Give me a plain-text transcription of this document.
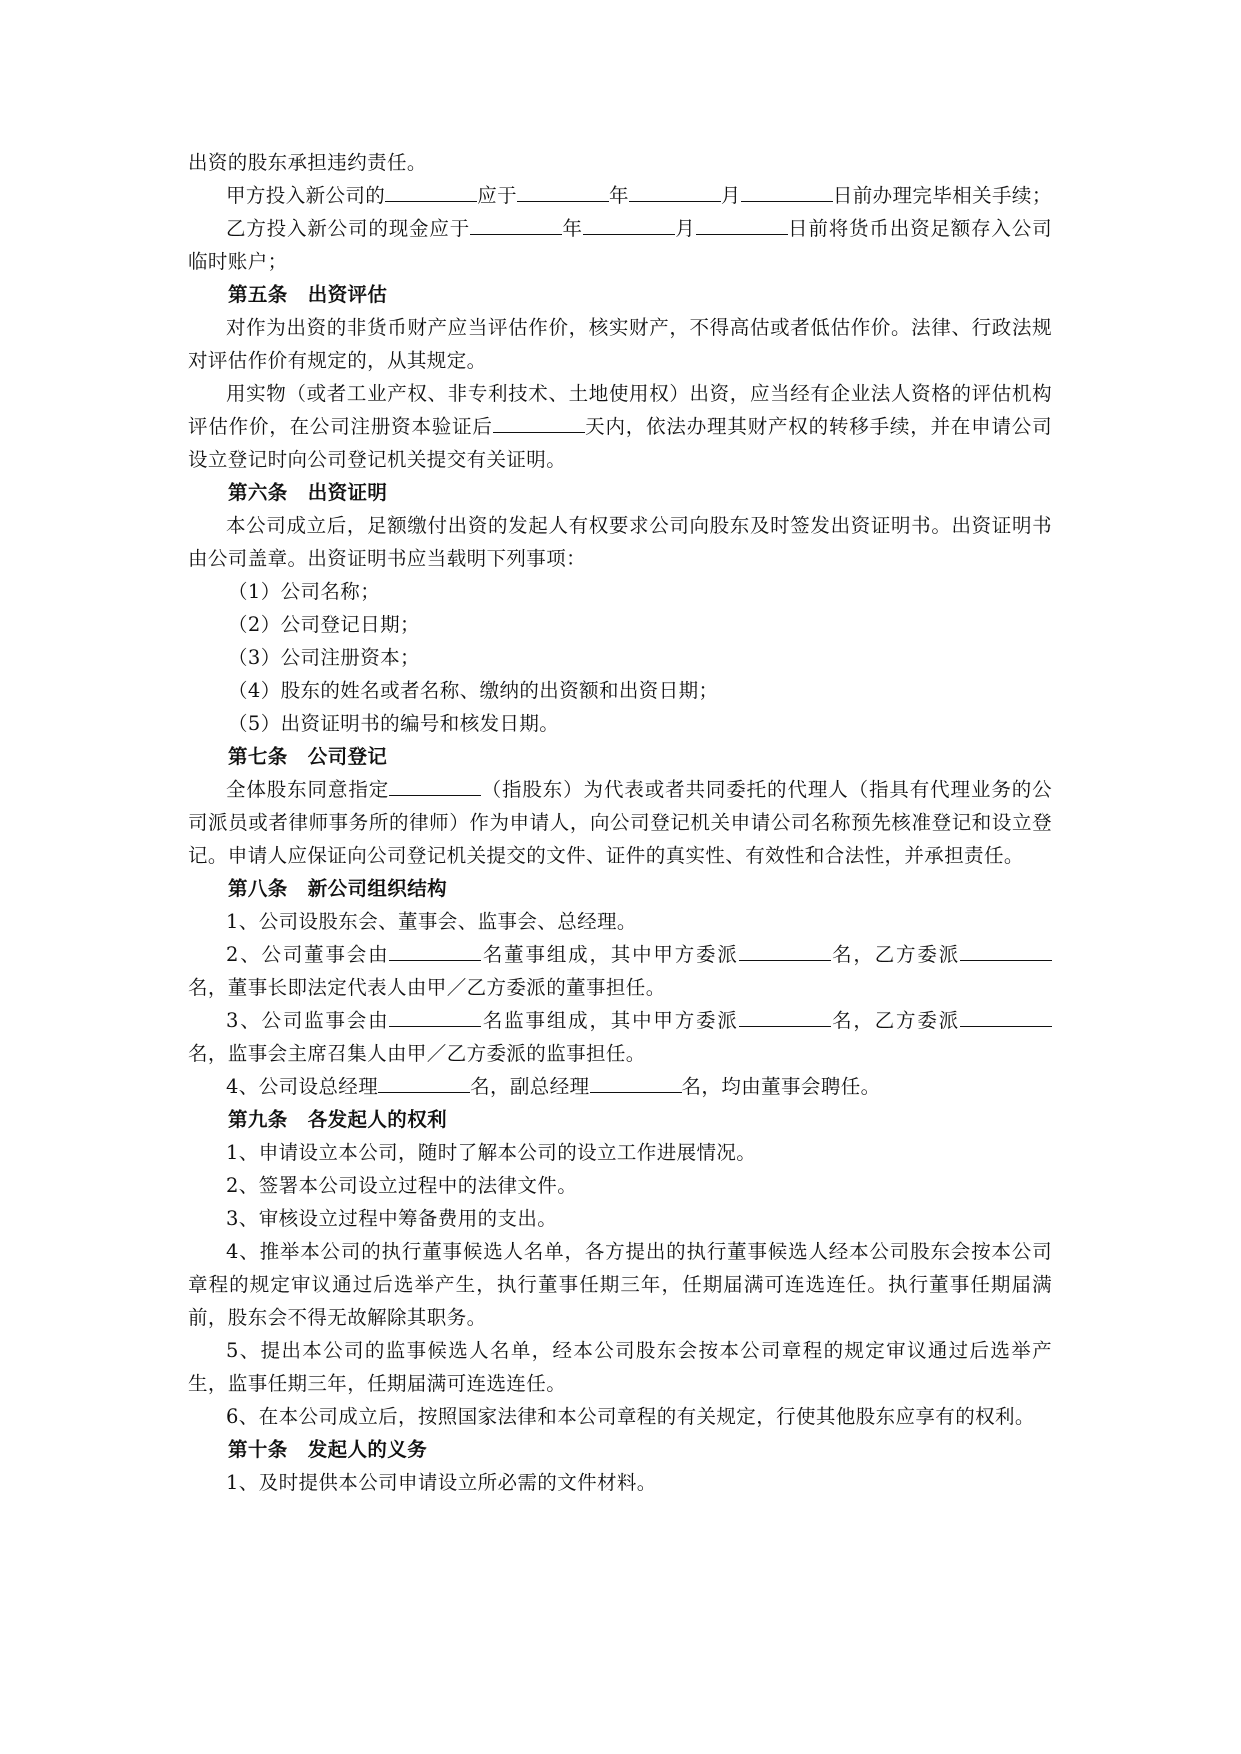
出资的股东承担违约责任。

甲方投入新公司的	应于	年	月	日前办理完毕相关手续；

乙方投入新公司的现金应于	年	月	日前将货币出资足额存入公司临时账户；

第五条 出资评估

对作为出资的非货币财产应当评估作价，核实财产，不得高估或者低估作价。法律、行政法规对评估作价有规定的，从其规定。

用实物（或者工业产权、非专利技术、土地使用权）出资，应当经有企业法人资格的评估机构评估作价，在公司注册资本验证后	天内，依法办理其财产权的转移手续，并在申请公司设立登记时向公司登记机关提交有关证明。

第六条 出资证明

本公司成立后，足额缴付出资的发起人有权要求公司向股东及时签发出资证明书。出资证明书由公司盖章。出资证明书应当载明下列事项：

（1）公司名称；

（2）公司登记日期；

（3）公司注册资本；

（4）股东的姓名或者名称、缴纳的出资额和出资日期；

（5）出资证明书的编号和核发日期。

第七条 公司登记

全体股东同意指定	（指股东）为代表或者共同委托的代理人（指具有代理业务的公司派员或者律师事务所的律师）作为申请人，向公司登记机关申请公司名称预先核准登记和设立登记。申请人应保证向公司登记机关提交的文件、证件的真实性、有效性和合法性，并承担责任。

第八条 新公司组织结构

1、公司设股东会、董事会、监事会、总经理。

2、公司董事会由	名董事组成，其中甲方委派	名，乙方委派名，董事长即法定代表人由甲／乙方委派的董事担任。

3、公司监事会由	名监事组成，其中甲方委派	名，乙方委派名，监事会主席召集人由甲／乙方委派的监事担任。

4、公司设总经理	名，副总经理	名，均由董事会聘任。

第九条 各发起人的权利

1、申请设立本公司，随时了解本公司的设立工作进展情况。

2、签署本公司设立过程中的法律文件。

3、审核设立过程中筹备费用的支出。

4、推举本公司的执行董事候选人名单，各方提出的执行董事候选人经本公司股东会按本公司章程的规定审议通过后选举产生，执行董事任期三年，任期届满可连选连任。执行董事任期届满前，股东会不得无故解除其职务。

5、提出本公司的监事候选人名单，经本公司股东会按本公司章程的规定审议通过后选举产生，监事任期三年，任期届满可连选连任。

6、在本公司成立后，按照国家法律和本公司章程的有关规定，行使其他股东应享有的权利。

第十条 发起人的义务

1、及时提供本公司申请设立所必需的文件材料。
